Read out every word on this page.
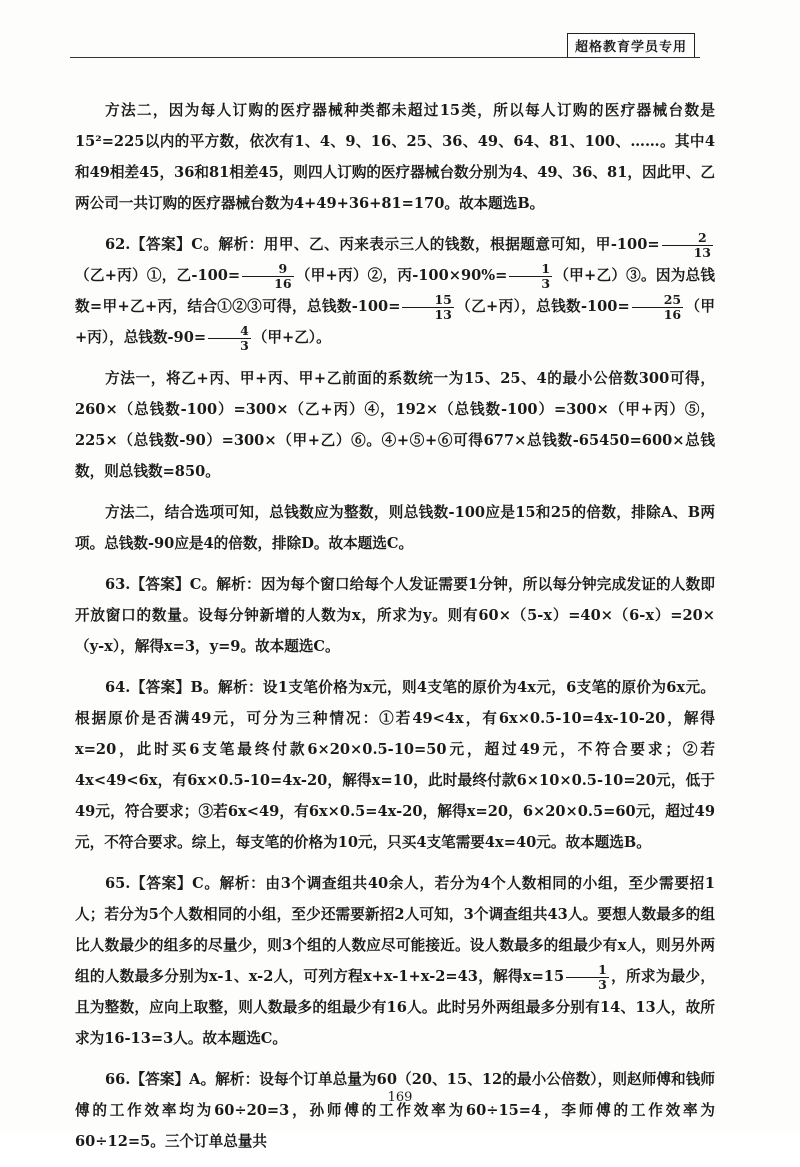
超格教育学员专用

方法二，因为每人订购的医疗器械种类都未超过15类，所以每人订购的医疗器械台数是15²=225以内的平方数，依次有1、4、9、16、25、36、49、64、81、100、……。其中4和49相差45，36和81相差45，则四人订购的医疗器械台数分别为4、49、36、81，因此甲、乙两公司一共订购的医疗器械台数为4+49+36+81=170。故本题选B。

62.【答案】C。解析：用甲、乙、丙来表示三人的钱数，根据题意可知，甲$-100= \frac{2}{13}$
（乙+丙）①，乙$-100= \frac{9}{16}$ （甲+丙）②，丙$-100\times 90\%= \frac{1}{3}$ （甲+乙）③。因为总钱数=甲+乙+丙，结合①②③可得，总钱数$-100= \frac{15}{13}$ （乙+丙），总钱数$-100= \frac{25}{16}$ （甲+丙），总钱数$-90= \frac{4}{3}$ （甲+乙）。

方法一，将乙+丙、甲+丙、甲+乙前面的系数统一为15、25、4的最小公倍数300可得，260×（总钱数-100）=300×（乙+丙）④，192×（总钱数-100）=300×（甲+丙）⑤，225×（总钱数-90）=300×（甲+乙）⑥。④+⑤+⑥可得677×总钱数-65450=600×总钱数，则总钱数=850。

方法二，结合选项可知，总钱数应为整数，则总钱数-100应是15和25的倍数，排除A、B两项。总钱数-90应是4的倍数，排除D。故本题选C。

63.【答案】C。解析：因为每个窗口给每个人发证需要1分钟，所以每分钟完成发证的人数即开放窗口的数量。设每分钟新增的人数为x，所求为y。则有60×（5-x）=40×（6-x）=20×（y-x），解得x=3，y=9。故本题选C。

64.【答案】B。解析：设1支笔价格为x元，则4支笔的原价为4x元，6支笔的原价为6x元。根据原价是否满49元，可分为三种情况：①若49<4x，有6x×0.5-10=4x-10-20，解得x=20，此时买6支笔最终付款6×20×0.5-10=50元，超过49元，不符合要求；②若4x<49<6x，有6x×0.5-10=4x-20，解得x=10，此时最终付款6×10×0.5-10=20元，低于49元，符合要求；③若6x<49，有6x×0.5=4x-20，解得x=20，6×20×0.5=60元，超过49元，不符合要求。综上，每支笔的价格为10元，只买4支笔需要4x=40元。故本题选B。

65.【答案】C。解析：由3个调查组共40余人，若分为4个人数相同的小组，至少需要招1人；若分为5个人数相同的小组，至少还需要新招2人可知，3个调查组共43人。要想人数最多的组比人数最少的组多的尽量少，则3个组的人数应尽可能接近。设人数最多的组最少有x人，则另外两组的人数最多分别为x-1、x-2人，可列方程x+x-1+x-2=43，解得$x=15 \frac{1}{3}$ ，所求为最少，且为整数，应向上取整，则人数最多的组最少有16人。此时另外两组最多分别有14、13人，故所求为16-13=3人。故本题选C。

66.【答案】A。解析：设每个订单总量为60（20、15、12的最小公倍数），则赵师傅和钱师傅的工作效率均为60÷20=3，孙师傅的工作效率为60÷15=4，李师傅的工作效率为60÷12=5。三个订单总量共

169
